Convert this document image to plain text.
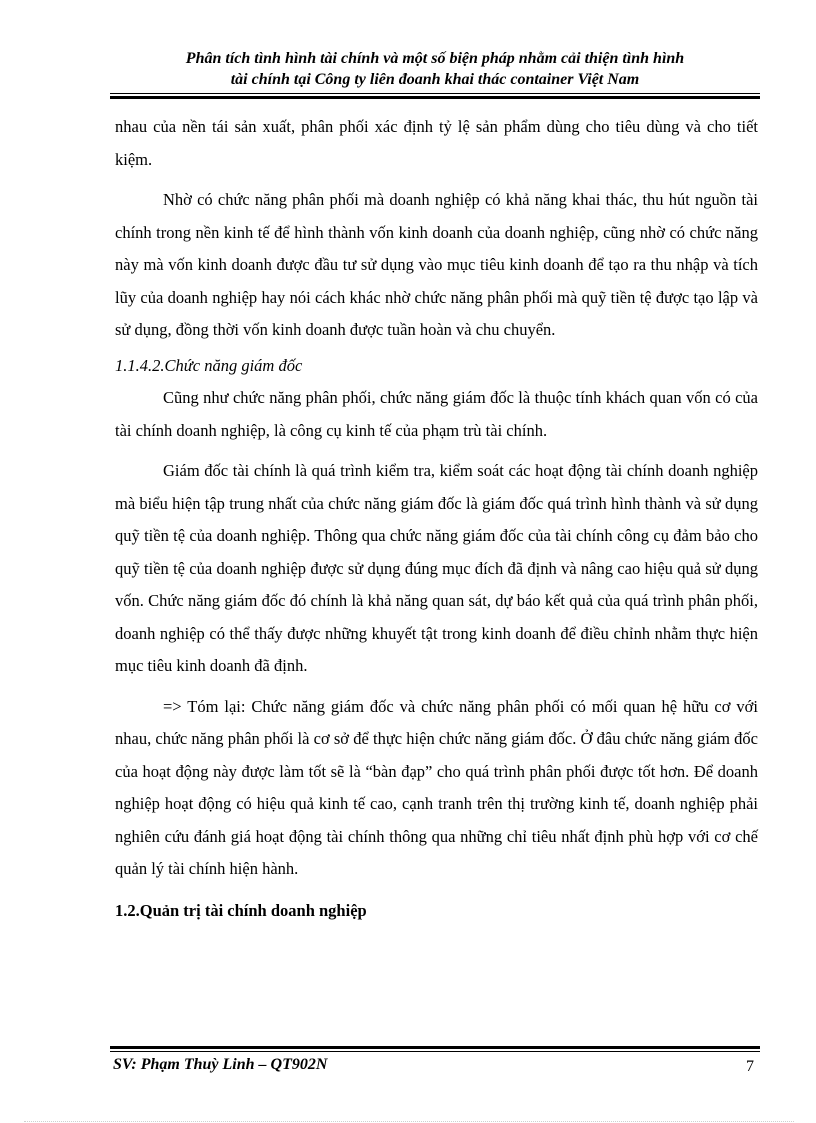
Phân tích tình hình tài chính và một số biện pháp nhằm cải thiện tình hình
tài chính tại Công ty liên đoanh khai thác container Việt Nam

nhau của nền tái sản xuất, phân phối xác định tỷ lệ sản phẩm dùng cho tiêu dùng và cho tiết kiệm.

Nhờ có chức năng phân phối mà doanh nghiệp có khả năng khai thác, thu hút nguồn tài chính trong nền kinh tế để hình thành vốn kinh doanh của doanh nghiệp, cũng nhờ có chức năng này mà vốn kinh doanh được đầu tư sử dụng vào mục tiêu kinh doanh để tạo ra thu nhập và tích lũy của doanh nghiệp hay nói cách khác nhờ chức năng phân phối mà quỹ tiền tệ được tạo lập và sử dụng, đồng thời vốn kinh doanh được tuần hoàn và chu chuyển.

1.1.4.2.Chức năng giám đốc

Cũng như chức năng phân phối, chức năng giám đốc là thuộc tính khách quan vốn có của tài chính doanh nghiệp, là công cụ kinh tế của phạm trù tài chính.

Giám đốc tài chính là quá trình kiểm tra, kiểm soát các hoạt động tài chính doanh nghiệp mà biểu hiện tập trung nhất của chức năng giám đốc là giám đốc quá trình hình thành và sử dụng quỹ tiền tệ của doanh nghiệp. Thông qua chức năng giám đốc của tài chính công cụ đảm bảo cho quỹ tiền tệ của doanh nghiệp được sử dụng đúng mục đích đã định và nâng cao hiệu quả sử dụng vốn. Chức năng giám đốc đó chính là khả năng quan sát, dự báo kết quả của quá trình phân phối, doanh nghiệp có thể thấy được những khuyết tật trong kinh doanh để điều chỉnh nhằm thực hiện mục tiêu kinh doanh đã định.

=> Tóm lại: Chức năng giám đốc và chức năng phân phối có mối quan hệ hữu cơ với nhau, chức năng phân phối là cơ sở để thực hiện chức năng giám đốc. Ở đâu chức năng giám đốc của hoạt động này được làm tốt sẽ là “bàn đạp” cho quá trình phân phối được tốt hơn. Để doanh nghiệp hoạt động có hiệu quả kinh tế cao, cạnh tranh trên thị trường kinh tế, doanh nghiệp phải nghiên cứu đánh giá hoạt động tài chính thông qua những chỉ tiêu nhất định phù hợp với cơ chế quản lý tài chính hiện hành.

1.2.Quản trị tài chính doanh nghiệp
SV: Phạm Thuỳ Linh – QT902N	7
